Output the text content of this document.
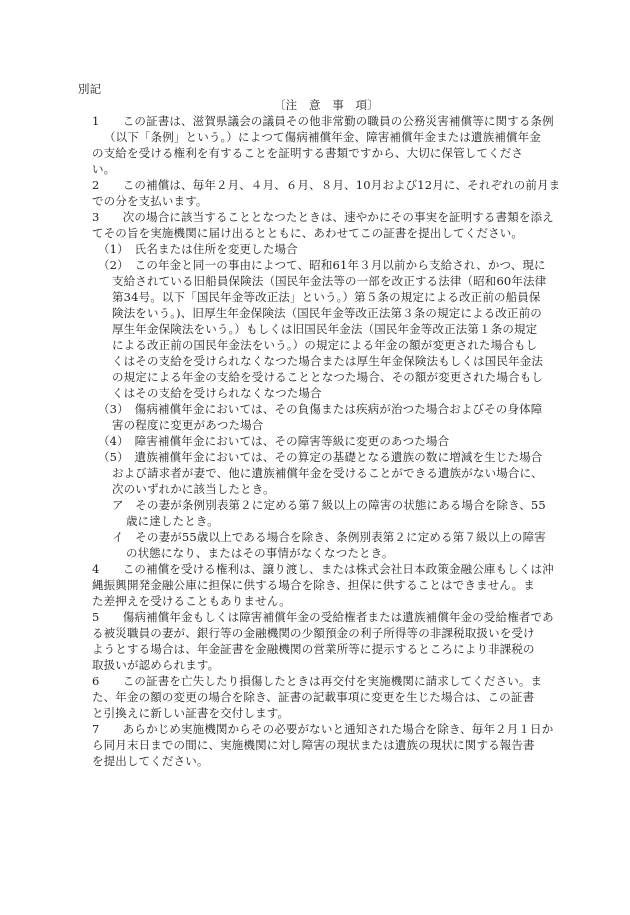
別記
〔注　意　事　項〕
1　　この証書は、滋賀県議会の議員その他非常勤の職員の公務災害補償等に関する条例
（以下「条例」という。）によつて傷病補償年金、障害補償年金または遺族補償年金
の支給を受ける権利を有することを証明する書類ですから、大切に保管してくださ
い。
2　　この補償は、毎年２月、４月、６月、８月、10月および12月に、それぞれの前月ま
での分を支払います。
3　　次の場合に該当することとなつたときは、速やかにその事実を証明する書類を添え
てその旨を実施機関に届け出るとともに、あわせてこの証書を提出してください。
（1）　氏名または住所を変更した場合
（2）　この年金と同一の事由によつて、昭和61年３月以前から支給され、かつ、現に
支給されている旧船員保険法（国民年金法等の一部を改正する法律（昭和60年法律
第34号。以下「国民年金等改正法」という。）第５条の規定による改正前の船員保
険法をいう。)、旧厚生年金保険法（国民年金等改正法第３条の規定による改正前の
厚生年金保険法をいう。）もしくは旧国民年金法（国民年金等改正法第１条の規定
による改正前の国民年金法をいう。）の規定による年金の額が変更された場合もし
くはその支給を受けられなくなつた場合または厚生年金保険法もしくは国民年金法
の規定による年金の支給を受けることとなつた場合、その額が変更された場合もし
くはその支給を受けられなくなつた場合
（3）　傷病補償年金においては、その負傷または疾病が治つた場合およびその身体障
害の程度に変更があつた場合
（4）　障害補償年金においては、その障害等級に変更のあつた場合
（5）　遺族補償年金においては、その算定の基礎となる遺族の数に増減を生じた場合
および請求者が妻で、他に遺族補償年金を受けることができる遺族がない場合に、
次のいずれかに該当したとき。
ア　その妻が条例別表第２に定める第７級以上の障害の状態にある場合を除き、55
歳に達したとき。
イ　その妻が55歳以上である場合を除き、条例別表第２に定める第７級以上の障害
の状態になり、またはその事情がなくなつたとき。
4　　この補償を受ける権利は、譲り渡し、または株式会社日本政策金融公庫もしくは沖
縄振興開発金融公庫に担保に供する場合を除き、担保に供することはできません。ま
た差押えを受けることもありません。
5　　傷病補償年金もしくは障害補償年金の受給権者または遺族補償年金の受給権者であ
る被災職員の妻が、銀行等の金融機関の少額預金の利子所得等の非課税取扱いを受け
ようとする場合は、年金証書を金融機関の営業所等に提示するところにより非課税の
取扱いが認められます。
6　　この証書を亡失したり損傷したときは再交付を実施機関に請求してください。ま
た、年金の額の変更の場合を除き、証書の記載事項に変更を生じた場合は、この証書
と引換えに新しい証書を交付します。
7　　あらかじめ実施機関からその必要がないと通知された場合を除き、毎年２月１日か
ら同月末日までの間に、実施機関に対し障害の現状または遺族の現状に関する報告書
を提出してください。
